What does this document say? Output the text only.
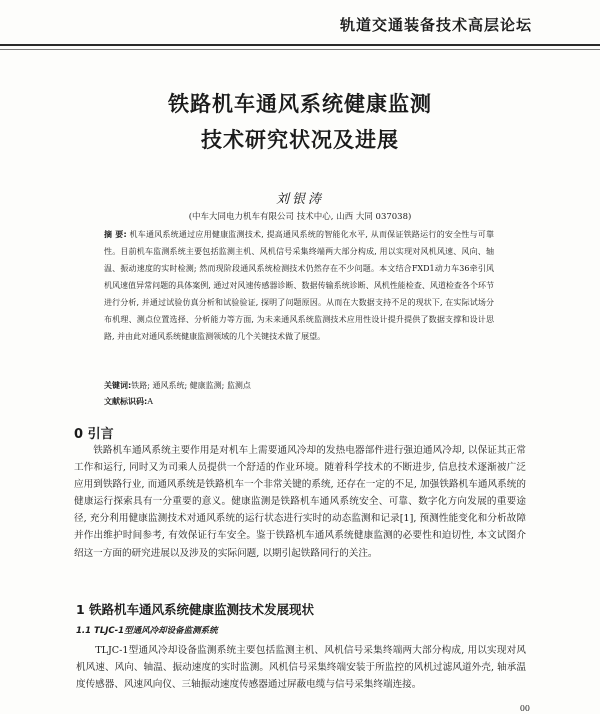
轨道交通装备技术高层论坛
铁路机车通风系统健康监测
技术研究状况及进展
刘银涛
(中车大同电力机车有限公司 技术中心, 山西 大同 037038)

摘 要: 机车通风系统通过应用健康监测技术, 提高通风系统的智能化水平, 从而保证铁路运行的安全性与可靠性。目前机车监测系统主要包括监测主机、风机信号采集终端两大部分构成, 用以实现对风机风速、风向、轴温、振动速度的实时检测; 然而现阶段通风系统检测技术仍然存在不少问题。本文结合FXD1动力车36牵引风机风速值异常问题的具体案例, 通过对风速传感器诊断、数据传输系统诊断、风机性能检查、风道检查各个环节进行分析, 并通过试验仿真分析和试验验证, 探明了问题原因。从而在大数据支持不足的现状下, 在实际试场分布机理、测点位置选择、分析能力等方面, 为未来通风系统监测技术应用性设计提升提供了数据支撑和设计思路, 并由此对通风系统健康监测领域的几个关键技术做了展望。

关键词:铁路; 通风系统; 健康监测; 监测点
文献标识码:A
0 引言

铁路机车通风系统主要作用是对机车上需要通风冷却的发热电器部件进行强迫通风冷却, 以保证其正常工作和运行, 同时又为司乘人员提供一个舒适的作业环境。随着科学技术的不断进步, 信息技术逐渐被广泛应用到铁路行业, 而通风系统是铁路机车一个非常关键的系统, 还存在一定的不足, 加强铁路机车通风系统的健康运行探索具有一分重要的意义。健康监测是铁路机车通风系统安全、可靠、数字化方向发展的重要途径, 充分利用健康监测技术对通风系统的运行状态进行实时的动态监测和记录[1], 预测性能变化和分析故障并作出维护时间参考, 有效保证行车安全。鉴于铁路机车通风系统健康监测的必要性和迫切性, 本文试图介绍这一方面的研究进展以及涉及的实际问题, 以期引起铁路同行的关注。

1 铁路机车通风系统健康监测技术发展现状
1.1 TLJC-1型通风冷却设备监测系统

TLJC-1型通风冷却设备监测系统主要包括监测主机、风机信号采集终端两大部分构成, 用以实现对风机风速、风向、轴温、振动速度的实时监测。风机信号采集终端安装于所监控的风机过滤风道外壳, 轴承温度传感器、风速风向仪、三轴振动速度传感器通过屏蔽电缆与信号采集终端连接。

00
